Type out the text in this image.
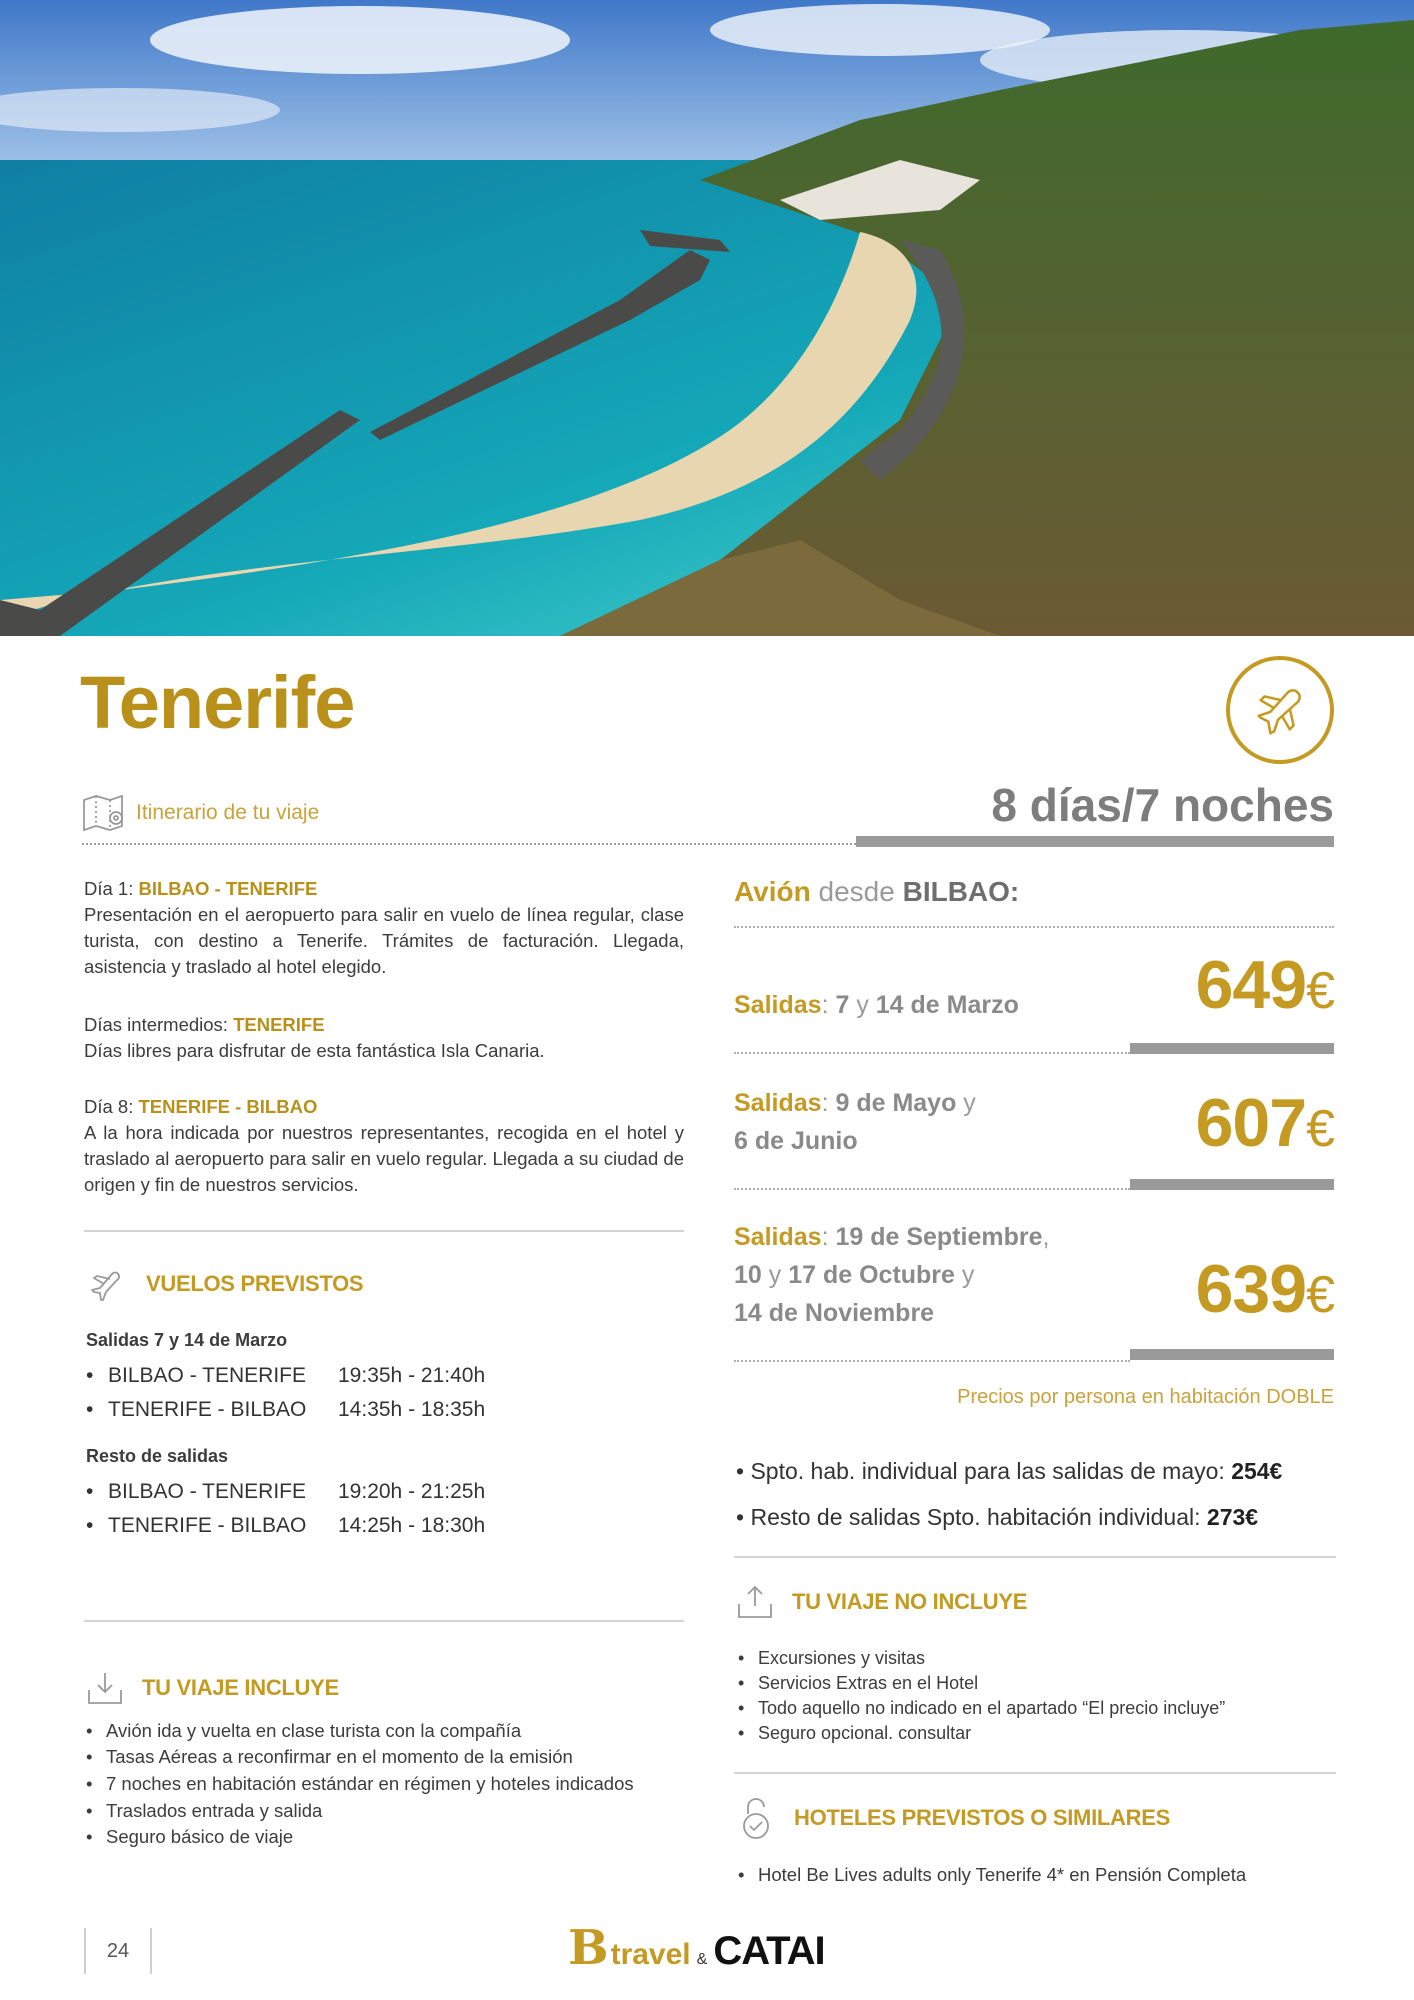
Tenerife
Itinerario de tu viaje	8 días/7 noches
Día 1: BILBAO - TENERIFE

Presentación en el aeropuerto para salir en vuelo de línea regular, clase turista, con destino a Tenerife. Trámites de facturación. Llegada, asistencia y traslado al hotel elegido.

Días intermedios: TENERIFE

Días libres para disfrutar de esta fantástica Isla Canaria.

Día 8: TENERIFE - BILBAO

A la hora indicada por nuestros representantes, recogida en el hotel y traslado al aeropuerto para salir en vuelo regular. Llegada a su ciudad de origen y fin de nuestros servicios.

VUELOS PREVISTOS
Salidas 7 y 14 de Marzo
• BILBAO - TENERIFE	19:35h - 21:40h
• TENERIFE - BILBAO	14:35h - 18:35h
Resto de salidas
• BILBAO - TENERIFE	19:20h - 21:25h
• TENERIFE - BILBAO	14:25h - 18:30h
TU VIAJE INCLUYE
• Avión ida y vuelta en clase turista con la compañía
• Tasas Aéreas a reconfirmar en el momento de la emisión
• 7 noches en habitación estándar en régimen y hoteles indicados
• Traslados entrada y salida
• Seguro básico de viaje
Avión desde BILBAO:
Salidas: 7 y 14 de Marzo	649€
Salidas: 9 de Mayo y
6 de Junio	607€
Salidas: 19 de Septiembre,
10 y 17 de Octubre y
14 de Noviembre	639€
Precios por persona en habitación DOBLE
• Spto. hab. individual para las salidas de mayo: 254€
• Resto de salidas Spto. habitación individual: 273€
TU VIAJE NO INCLUYE
• Excursiones y visitas
• Servicios Extras en el Hotel
• Todo aquello no indicado en el apartado “El precio incluye”
• Seguro opcional. consultar
HOTELES PREVISTOS O SIMILARES
• Hotel Be Lives adults only Tenerife 4* en Pensión Completa
24	B travel & CATAI
